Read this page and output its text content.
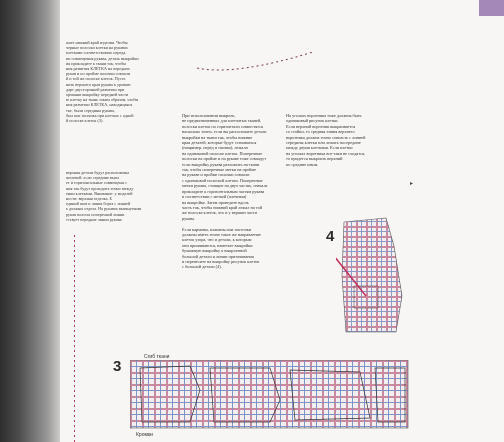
жает нижний край изделия. Чтобы
черные полоски клетки на рукавах
клетками соответствовать переда.
ии совмещения рукава, деталь выкройки
ия прикладите к ткани так, чтобы
ния развития КЛЕТКА на передних
рукав и по пройме полочки совпали
й и той же полоске клеток. Пусть
нить верхнего края рукава к уровню
дарт двусторонней разметки при
ормании выкройку передней части
ю клетку на ткань таким образом, чтобы
ния разметки КЛЕТКА, находящаяся
тке, были середины рукава,
был шаг полчика при клетках с одной
й полоске клеток (3).
верхняя детали будут расположены
шелевой: если середине выпл
ет и горизонтальные совмещены с
ния так будут проходить точно между
ении клетками. Внимание: у моделей
ности: верхняя отделка. Б
единий шов и линия борта с линией
ь должны отдела. На рукавах вытянутыми
рукав полосы поперечной линии
тствует передние линии рукава.
При использовании выкроек,
не предназначенных для клетчатых тканей,
полоски клеток по горизонтали совместятся
насколько точно, если вы расположите детали
выкройки на ткани так, чтобы нижние
края деталей, которые будут стачиваться
(например, перед и спинка), лежали
на одинаковой полоске клеток. Поперечные
полоски на пройме и на рукаве тоже совпадут
если выкройку рукава разложить на ткани
так, чтобы поперечные метки на пройме
на рукаве и пройме полочки совпали
с одинаковой полоской клетки. Поперечные
метки рукава, стоящие на двух частях, сначала
прикладите к горизонтальным частям рукава
в соответствии с меткой (плечевая)
на выкройке. Затем проведите вдоль
часть так, чтобы нижний край лежал на той
же полоске клеток, что и у вершин части
рукава.

Если карманы, клапаны или листочки
должны иметь точно такое же направление
клеток узора, что и детали, к которым
они пришиваются, наметьте выкройки
бумажную выкройку к выкроенной
большой детали и линии притачивания
и перенесите на выкройку рисунок клеток
с большой детали (4).
На уголках воротника тоже должны быть
одинаковый рисунок клетки.
Если верхний воротник выкраивается
со стойки, то средняя линия верхнего
воротника должна точно совпасть с линией
середины клетки или лежать посередине
между двумя клетками. Если клетки
на уголках воротника все-таки не сходятся,
то придется выкроить верхний
по средине швом.
▸
4
3
Сгиб ткани
Кромки
